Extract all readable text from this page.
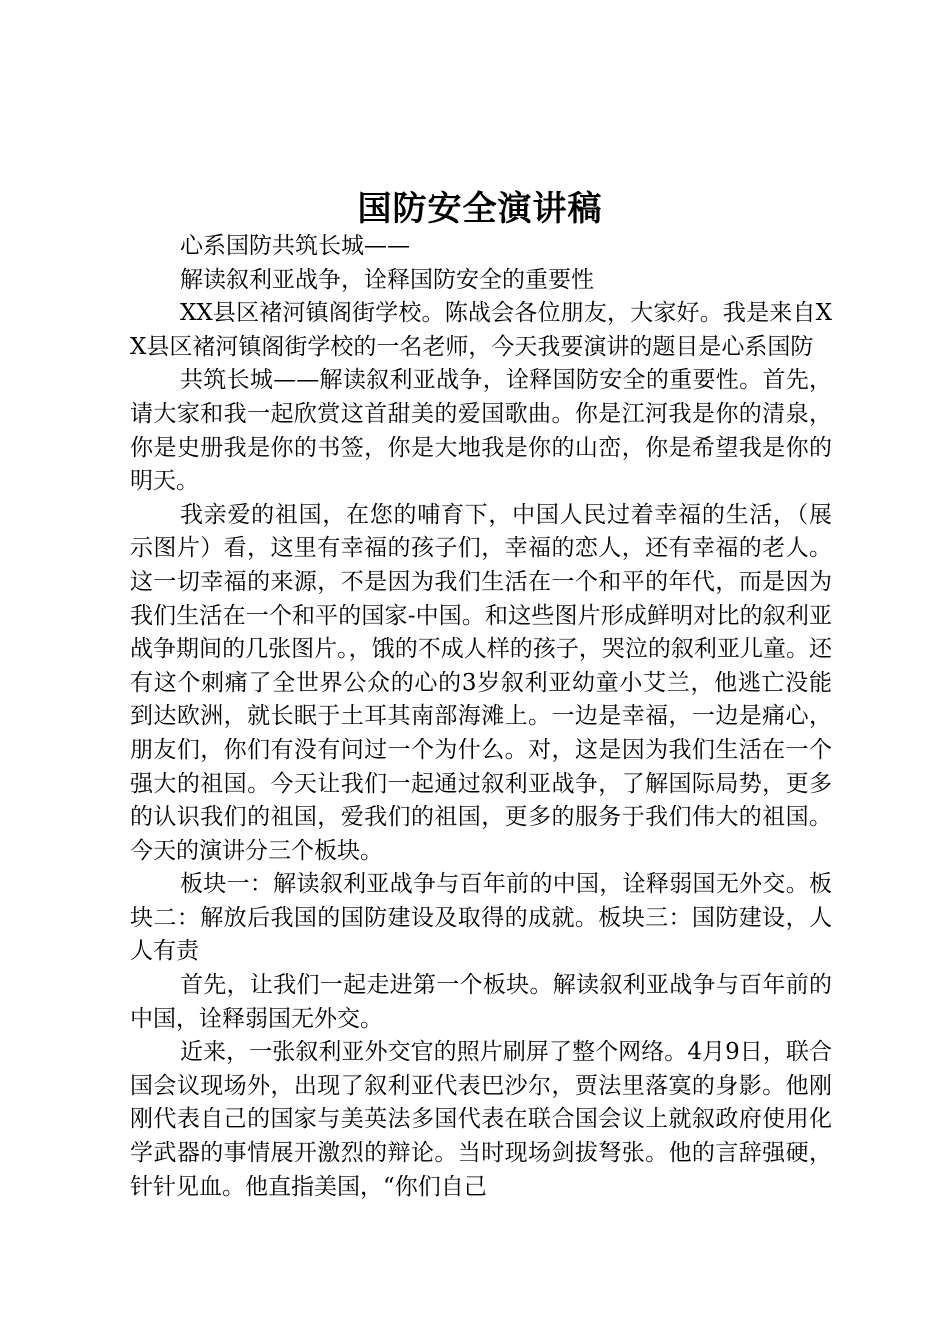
国防安全演讲稿

心系国防共筑长城——

解读叙利亚战争，诠释国防安全的重要性

XX县区褚河镇阁街学校。陈战会各位朋友，大家好。我是来自XX县区褚河镇阁街学校的一名老师，今天我要演讲的题目是心系国防

共筑长城——解读叙利亚战争，诠释国防安全的重要性。首先，请大家和我一起欣赏这首甜美的爱国歌曲。你是江河我是你的清泉，你是史册我是你的书签，你是大地我是你的山峦，你是希望我是你的明天。

我亲爱的祖国，在您的哺育下，中国人民过着幸福的生活，（展示图片）看，这里有幸福的孩子们，幸福的恋人，还有幸福的老人。这一切幸福的来源，不是因为我们生活在一个和平的年代，而是因为我们生活在一个和平的国家-中国。和这些图片形成鲜明对比的叙利亚战争期间的几张图片。，饿的不成人样的孩子，哭泣的叙利亚儿童。还有这个刺痛了全世界公众的心的3岁叙利亚幼童小艾兰，他逃亡没能到达欧洲，就长眠于土耳其南部海滩上。一边是幸福，一边是痛心，朋友们，你们有没有问过一个为什么。对，这是因为我们生活在一个强大的祖国。今天让我们一起通过叙利亚战争，了解国际局势，更多的认识我们的祖国，爱我们的祖国，更多的服务于我们伟大的祖国。今天的演讲分三个板块。

板块一：解读叙利亚战争与百年前的中国，诠释弱国无外交。板块二：解放后我国的国防建设及取得的成就。板块三：国防建设，人人有责

首先，让我们一起走进第一个板块。解读叙利亚战争与百年前的中国，诠释弱国无外交。

近来，一张叙利亚外交官的照片刷屏了整个网络。4月9日，联合国会议现场外，出现了叙利亚代表巴沙尔，贾法里落寞的身影。他刚刚代表自己的国家与美英法多国代表在联合国会议上就叙政府使用化学武器的事情展开激烈的辩论。当时现场剑拔弩张。他的言辞强硬，针针见血。他直指美国，“你们自己
